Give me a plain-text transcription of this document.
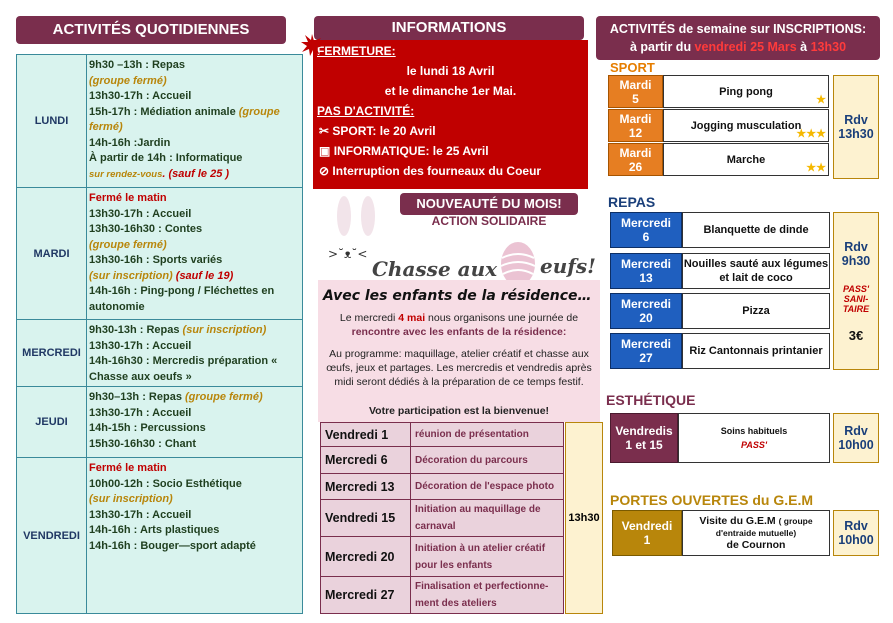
ACTIVITÉS QUOTIDIENNES
LUNDI
9h30 –13h : Repas
(groupe fermé)
13h30-17h : Accueil
15h-17h : Médiation animale (groupe fermé)
14h-16h :Jardin
À partir de 14h : Informatique
sur rendez-vous. (sauf le 25 )
MARDI
Fermé le matin
13h30-17h : Accueil
13h30-16h30 : Contes
(groupe fermé)
13h30-16h : Sports variés
(sur inscription) (sauf le 19)
14h-16h : Ping-pong / Fléchettes en autonomie
MERCREDI
9h30-13h : Repas (sur inscription)
13h30-17h : Accueil
14h-16h30 : Mercredis préparation « Chasse aux oeufs »
JEUDI
9h30–13h : Repas (groupe fermé)
13h30-17h : Accueil
14h-15h : Percussions
15h30-16h30 : Chant
VENDREDI
Fermé le matin
10h00-12h : Socio Esthétique
(sur inscription)
13h30-17h : Accueil
14h-16h : Arts plastiques
14h-16h : Bouger—sport adapté
INFORMATIONS
FERMETURE:
le lundi 18 Avril
et le dimanche 1er Mai.
PAS D'ACTIVITÉ:
✂ SPORT: le 20 Avril
▣ INFORMATIQUE: le 25 Avril
⊘ Interruption des fourneaux du Coeur
>˘ᴥ˘<
NOUVEAUTÉ DU MOIS!
ACTION SOLIDAIRE
Chasse aux eufs!
Avec les enfants de la résidence…
Le mercredi 4 mai nous organisons une journée de rencontre avec les enfants de la résidence:
Au programme: maquillage, atelier créatif et chasse aux œufs, jeux et partages. Les mercredis et vendredis après midi seront dédiés à la préparation de ce temps festif.
Votre participation est la bienvenue!
Vendredi 1	réunion de présentation
Mercredi 6	Décoration du parcours
Mercredi 13	Décoration de l'espace photo
Vendredi 15
Initiation au maquillage de carnaval
Mercredi 20
Initiation à un atelier créatif pour les enfants
Mercredi 27
Finalisation et perfectionne-ment des ateliers
13h30
ACTIVITÉS de semaine sur INSCRIPTIONS:
à partir du vendredi 25 Mars à 13h30
SPORT
Mardi
5	Ping pong
★
Mardi
12	Jogging musculation
★★★
Mardi
26	Marche
★★
Rdv
13h30
REPAS
Mercredi
6	Blanquette de dinde
Mercredi
13
Nouilles sauté aux légumes et lait de coco
Mercredi
20	Pizza
Mercredi
27	Riz Cantonnais printanier
Rdv
9h30
PASS'
SANI-
TAIRE
3€
ESTHÉTIQUE
Vendredis
1 et 15
Soins habituels
PASS'
Rdv
10h00
PORTES OUVERTES du G.E.M
Vendredi
1
Visite du G.E.M ( groupe d'entraide mutuelle)
de Cournon
Rdv
10h00
